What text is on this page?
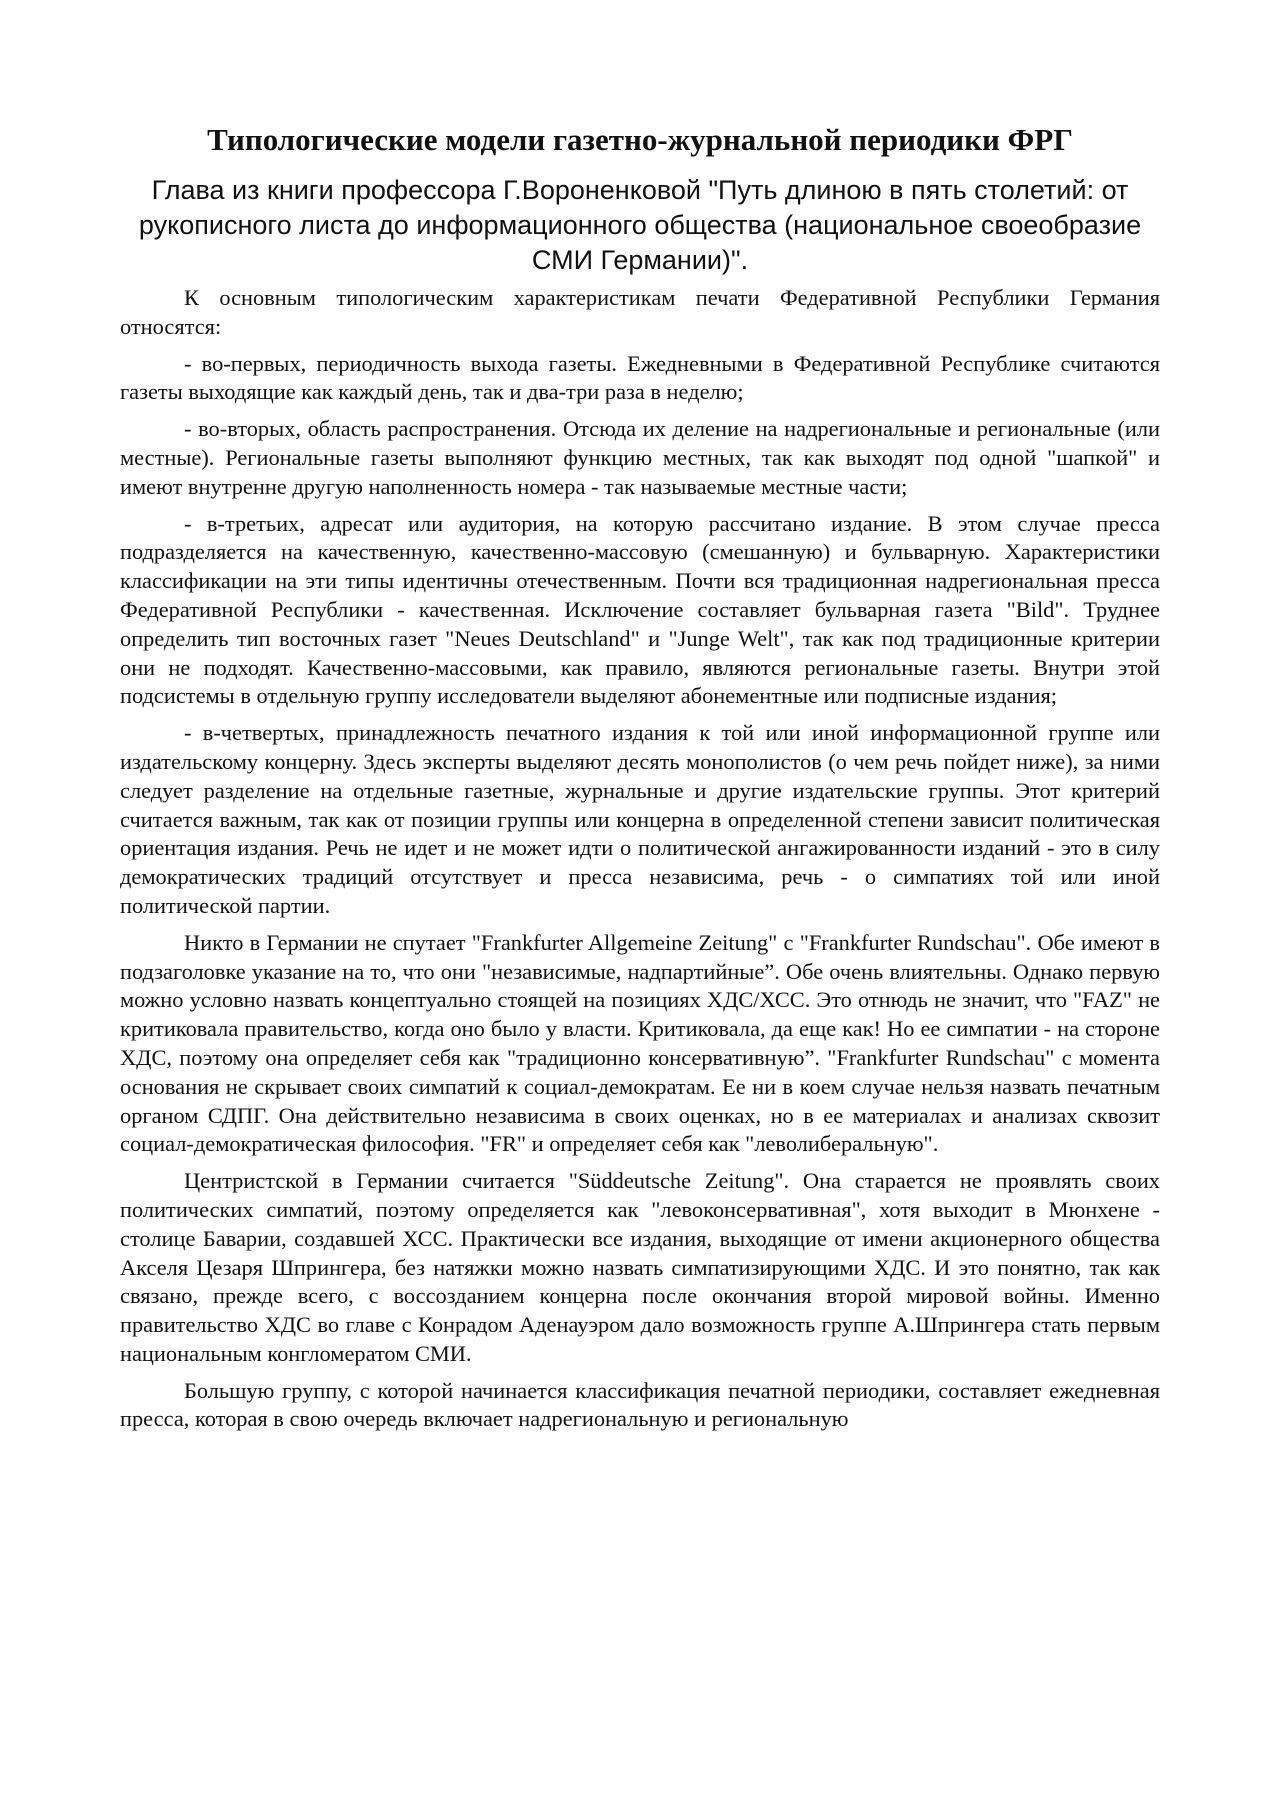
Типологические модели газетно-журнальной периодики ФРГ
Глава из книги профессора Г.Вороненковой "Путь длиною в пять столетий: от рукописного листа до информационного общества (национальное своеобразие СМИ Германии)".

К основным типологическим характеристикам печати Федеративной Республики Германия относятся:

- во-первых, периодичность выхода газеты. Ежедневными в Федеративной Республике считаются газеты выходящие как каждый день, так и два-три раза в неделю;

- во-вторых, область распространения. Отсюда их деление на надрегиональные и региональные (или местные). Региональные газеты выполняют функцию местных, так как выходят под одной "шапкой" и имеют внутренне другую наполненность номера - так называемые местные части;

- в-третьих, адресат или аудитория, на которую рассчитано издание. В этом случае пресса подразделяется на качественную, качественно-массовую (смешанную) и бульварную. Характеристики классификации на эти типы идентичны отечественным. Почти вся традиционная надрегиональная пресса Федеративной Республики - качественная. Исключение составляет бульварная газета "Bild". Труднее определить тип восточных газет "Neues Deutschland" и "Junge Welt", так как под традиционные критерии они не подходят. Качественно-массовыми, как правило, являются региональные газеты. Внутри этой подсистемы в отдельную группу исследователи выделяют абонементные или подписные издания;

- в-четвертых, принадлежность печатного издания к той или иной информационной группе или издательскому концерну. Здесь эксперты выделяют десять монополистов (о чем речь пойдет ниже), за ними следует разделение на отдельные газетные, журнальные и другие издательские группы. Этот критерий считается важным, так как от позиции группы или концерна в определенной степени зависит политическая ориентация издания. Речь не идет и не может идти о политической ангажированности изданий - это в силу демократических традиций отсутствует и пресса независима, речь - о симпатиях той или иной политической партии.

Никто в Германии не спутает "Frankfurter Allgemeine Zeitung" с "Frankfurter Rundschau". Обе имеют в подзаголовке указание на то, что они "независимые, надпартийные”. Обе очень влиятельны. Однако первую можно условно назвать концептуально стоящей на позициях ХДС/ХСС. Это отнюдь не значит, что "FAZ" не критиковала правительство, когда оно было у власти. Критиковала, да еще как! Но ее симпатии - на стороне ХДС, поэтому она определяет себя как "традиционно консервативную”. "Frankfurter Rundschau" с момента основания не скрывает своих симпатий к социал-демократам. Ее ни в коем случае нельзя назвать печатным органом СДПГ. Она действительно независима в своих оценках, но в ее материалах и анализах сквозит социал-демократическая философия. "FR" и определяет себя как "леволиберальную".

Центристской в Германии считается "Süddeutsche Zeitung". Она старается не проявлять своих политических симпатий, поэтому определяется как "левоконсервативная", хотя выходит в Мюнхене - столице Баварии, создавшей ХСС. Практически все издания, выходящие от имени акционерного общества Акселя Цезаря Шпрингера, без натяжки можно назвать симпатизирующими ХДС. И это понятно, так как связано, прежде всего, с воссозданием концерна после окончания второй мировой войны. Именно правительство ХДС во главе с Конрадом Аденауэром дало возможность группе А.Шпрингера стать первым национальным конгломератом СМИ.

Большую группу, с которой начинается классификация печатной периодики, составляет ежедневная пресса, которая в свою очередь включает надрегиональную и региональную
